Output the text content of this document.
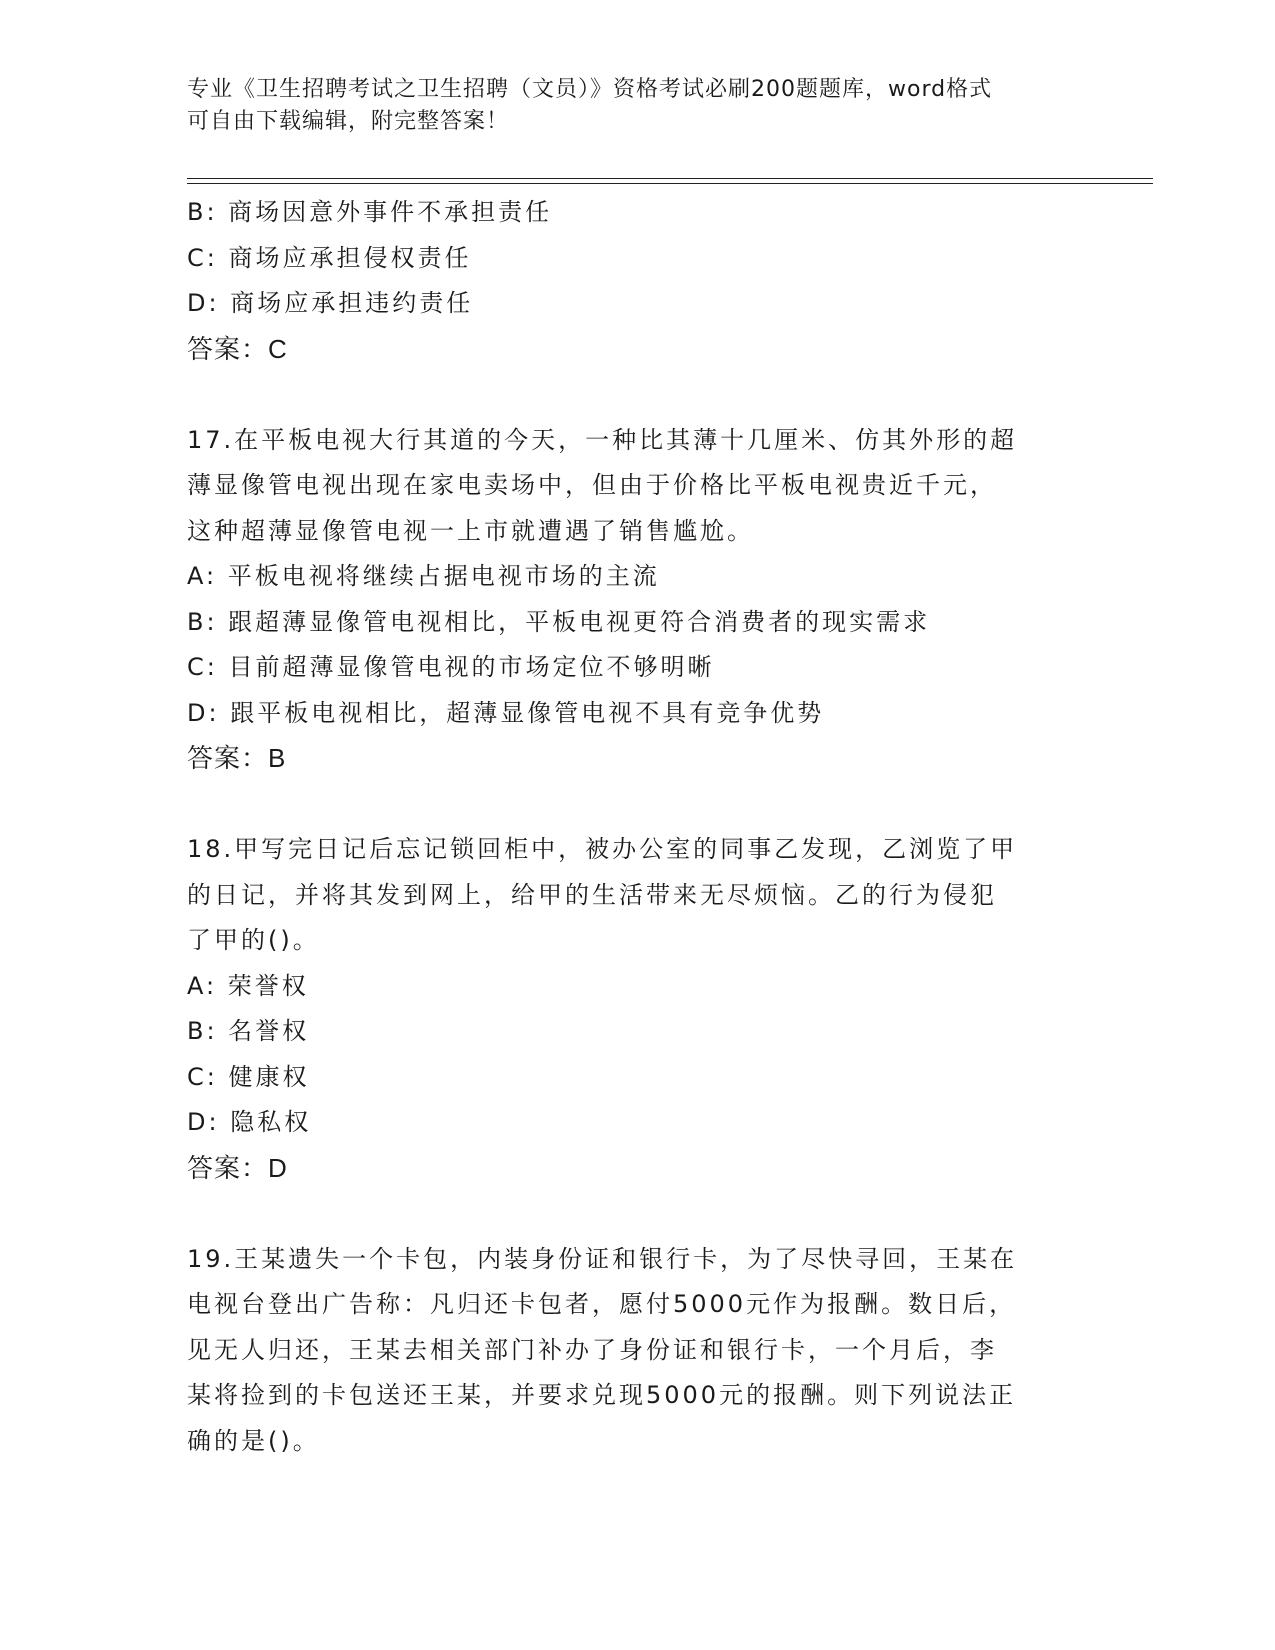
专业《卫生招聘考试之卫生招聘（文员）》资格考试必刷200题题库，word格式
可自由下载编辑，附完整答案！
B: 商场因意外事件不承担责任
C: 商场应承担侵权责任
D: 商场应承担违约责任
答案：C
17.在平板电视大行其道的今天，一种比其薄十几厘米、仿其外形的超
薄显像管电视出现在家电卖场中，但由于价格比平板电视贵近千元，
这种超薄显像管电视一上市就遭遇了销售尴尬。
A: 平板电视将继续占据电视市场的主流
B: 跟超薄显像管电视相比，平板电视更符合消费者的现实需求
C: 目前超薄显像管电视的市场定位不够明晰
D: 跟平板电视相比，超薄显像管电视不具有竞争优势
答案：B
18.甲写完日记后忘记锁回柜中，被办公室的同事乙发现，乙浏览了甲
的日记，并将其发到网上，给甲的生活带来无尽烦恼。乙的行为侵犯
了甲的()。
A: 荣誉权
B: 名誉权
C: 健康权
D: 隐私权
答案：D
19.王某遗失一个卡包，内装身份证和银行卡，为了尽快寻回，王某在
电视台登出广告称：凡归还卡包者，愿付5000元作为报酬。数日后，
见无人归还，王某去相关部门补办了身份证和银行卡，一个月后，李
某将捡到的卡包送还王某，并要求兑现5000元的报酬。则下列说法正
确的是()。
